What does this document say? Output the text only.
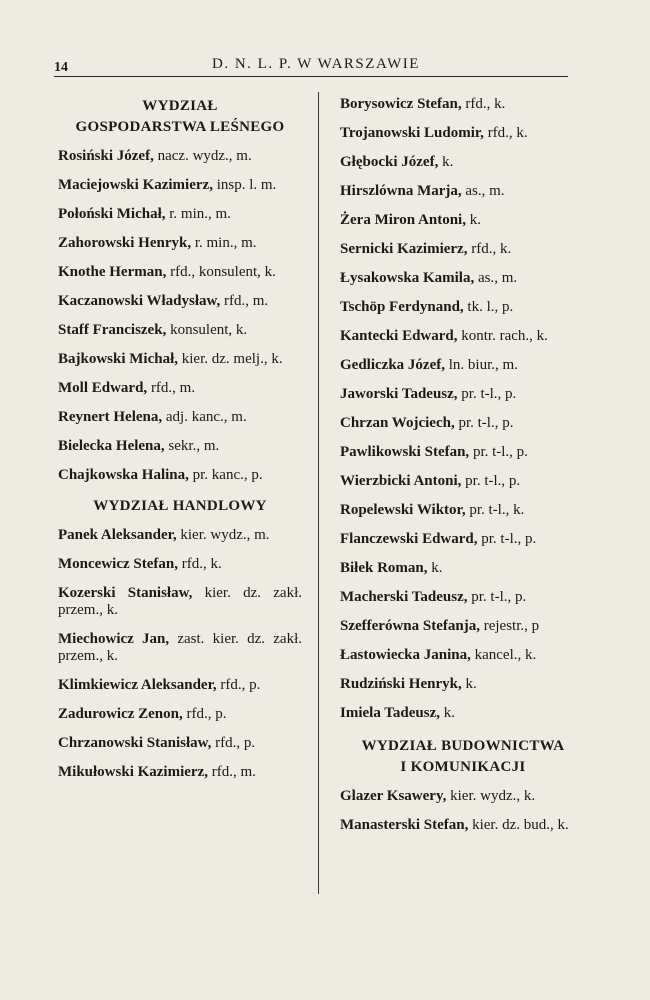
14	D. N. L. P. W WARSZAWIE
WYDZIAŁ
GOSPODARSTWA LEŚNEGO
Rosiński Józef, nacz. wydz., m.
Maciejowski Kazimierz, insp. l. m.
Połoński Michał, r. min., m.
Zahorowski Henryk, r. min., m.
Knothe Herman, rfd., konsulent, k.
Kaczanowski Władysław, rfd., m.
Staff Franciszek, konsulent, k.
Bajkowski Michał, kier. dz. melj., k.
Moll Edward, rfd., m.
Reynert Helena, adj. kanc., m.
Bielecka Helena, sekr., m.
Chajkowska Halina, pr. kanc., p.
WYDZIAŁ HANDLOWY
Panek Aleksander, kier. wydz., m.
Moncewicz Stefan, rfd., k.
Kozerski Stanisław, kier. dz. zakł. przem., k.
Miechowicz Jan, zast. kier. dz. zakł. przem., k.
Klimkiewicz Aleksander, rfd., p.
Zadurowicz Zenon, rfd., p.
Chrzanowski Stanisław, rfd., p.
Mikułowski Kazimierz, rfd., m.
Borysowicz Stefan, rfd., k.
Trojanowski Ludomir, rfd., k.
Głębocki Józef, k.
Hirszlówna Marja, as., m.
Żera Miron Antoni, k.
Sernicki Kazimierz, rfd., k.
Łysakowska Kamila, as., m.
Tschöp Ferdynand, tk. l., p.
Kantecki Edward, kontr. rach., k.
Gedliczka Józef, ln. biur., m.
Jaworski Tadeusz, pr. t-l., p.
Chrzan Wojciech, pr. t-l., p.
Pawlikowski Stefan, pr. t-l., p.
Wierzbicki Antoni, pr. t-l., p.
Ropelewski Wiktor, pr. t-l., k.
Flanczewski Edward, pr. t-l., p.
Biłek Roman, k.
Macherski Tadeusz, pr. t-l., p.
Szefferówna Stefanja, rejestr., p
Łastowiecka Janina, kancel., k.
Rudziński Henryk, k.
Imiela Tadeusz, k.
WYDZIAŁ BUDOWNICTWA
I KOMUNIKACJI
Glazer Ksawery, kier. wydz., k.
Manasterski Stefan, kier. dz. bud., k.
